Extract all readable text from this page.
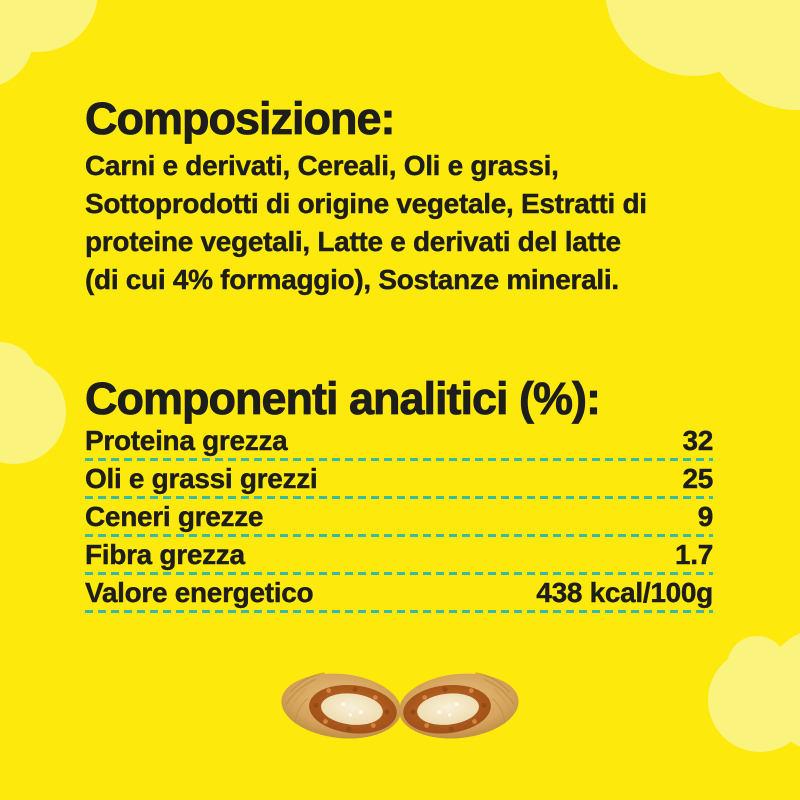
Composizione:
Carni e derivati, Cereali, Oli e grassi,
Sottoprodotti di origine vegetale, Estratti di
proteine vegetali, Latte e derivati del latte
(di cui 4% formaggio), Sostanze minerali.
Componenti analitici (%):
Proteina grezza	32
Oli e grassi grezzi	25
Ceneri grezze	9
Fibra grezza	1.7
Valore energetico	438 kcal/100g
